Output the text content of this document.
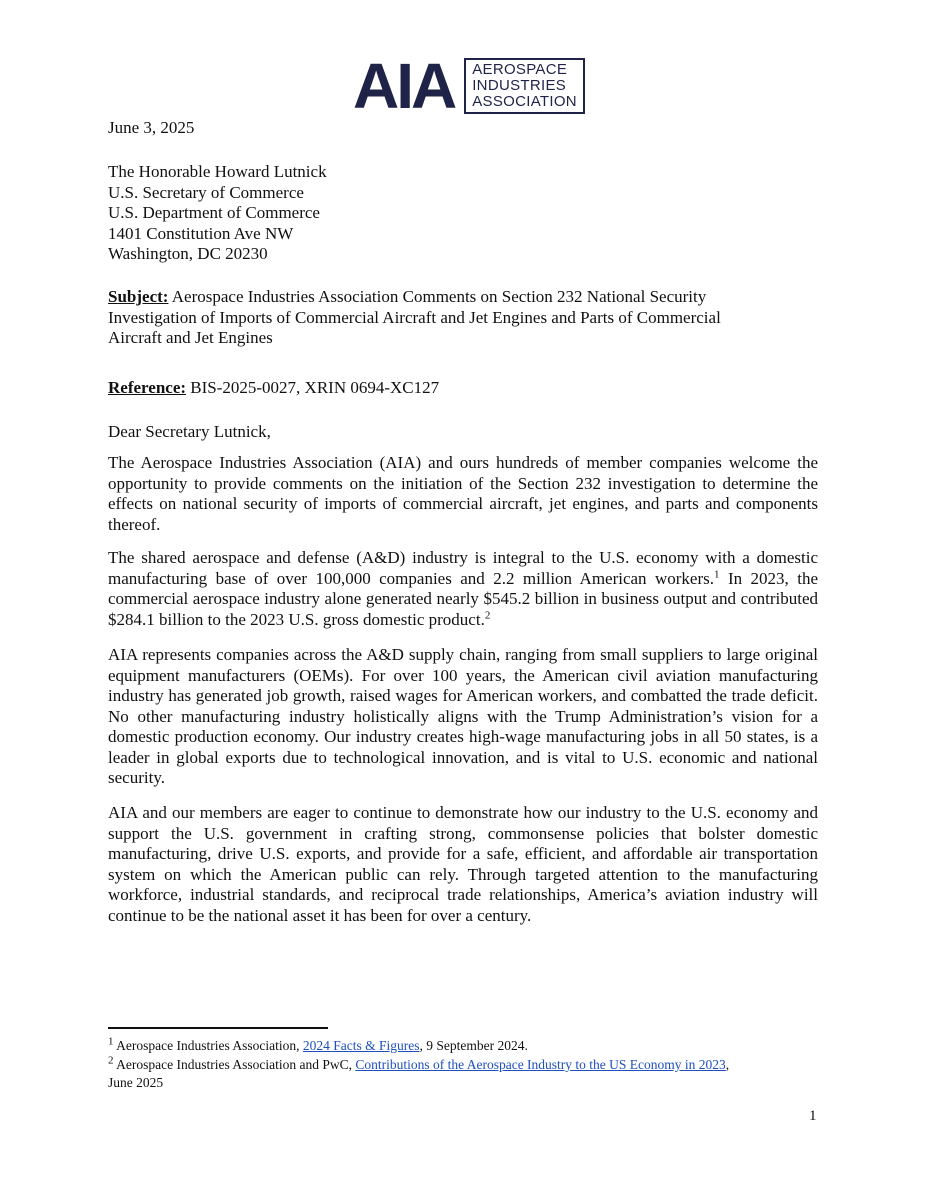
AIA AEROSPACE
INDUSTRIES
ASSOCIATION
June 3, 2025
The Honorable Howard Lutnick
U.S. Secretary of Commerce
U.S. Department of Commerce
1401 Constitution Ave NW
Washington, DC 20230
Subject: Aerospace Industries Association Comments on Section 232 National Security
Investigation of Imports of Commercial Aircraft and Jet Engines and Parts of Commercial
Aircraft and Jet Engines
Reference: BIS-2025-0027, XRIN 0694-XC127
Dear Secretary Lutnick,
The Aerospace Industries Association (AIA) and ours hundreds of member companies welcome the opportunity to provide comments on the initiation of the Section 232 investigation to determine the effects on national security of imports of commercial aircraft, jet engines, and parts and components thereof.
The shared aerospace and defense (A&D) industry is integral to the U.S. economy with a domestic manufacturing base of over 100,000 companies and 2.2 million American workers.$^1$ In 2023, the commercial aerospace industry alone generated nearly $545.2 billion in business output and contributed $284.1 billion to the 2023 U.S. gross domestic product.$^2$
AIA represents companies across the A&D supply chain, ranging from small suppliers to large original equipment manufacturers (OEMs). For over 100 years, the American civil aviation manufacturing industry has generated job growth, raised wages for American workers, and combatted the trade deficit. No other manufacturing industry holistically aligns with the Trump Administration’s vision for a domestic production economy. Our industry creates high-wage manufacturing jobs in all 50 states, is a leader in global exports due to technological innovation, and is vital to U.S. economic and national security.
AIA and our members are eager to continue to demonstrate how our industry to the U.S. economy and support the U.S. government in crafting strong, commonsense policies that bolster domestic manufacturing, drive U.S. exports, and provide for a safe, efficient, and affordable air transportation system on which the American public can rely. Through targeted attention to the manufacturing workforce, industrial standards, and reciprocal trade relationships, America’s aviation industry will continue to be the national asset it has been for over a century.
$^1$ Aerospace Industries Association, 2024 Facts & Figures, 9 September 2024.
$^2$ Aerospace Industries Association and PwC, Contributions of the Aerospace Industry to the US Economy in 2023,
June 2025
1
